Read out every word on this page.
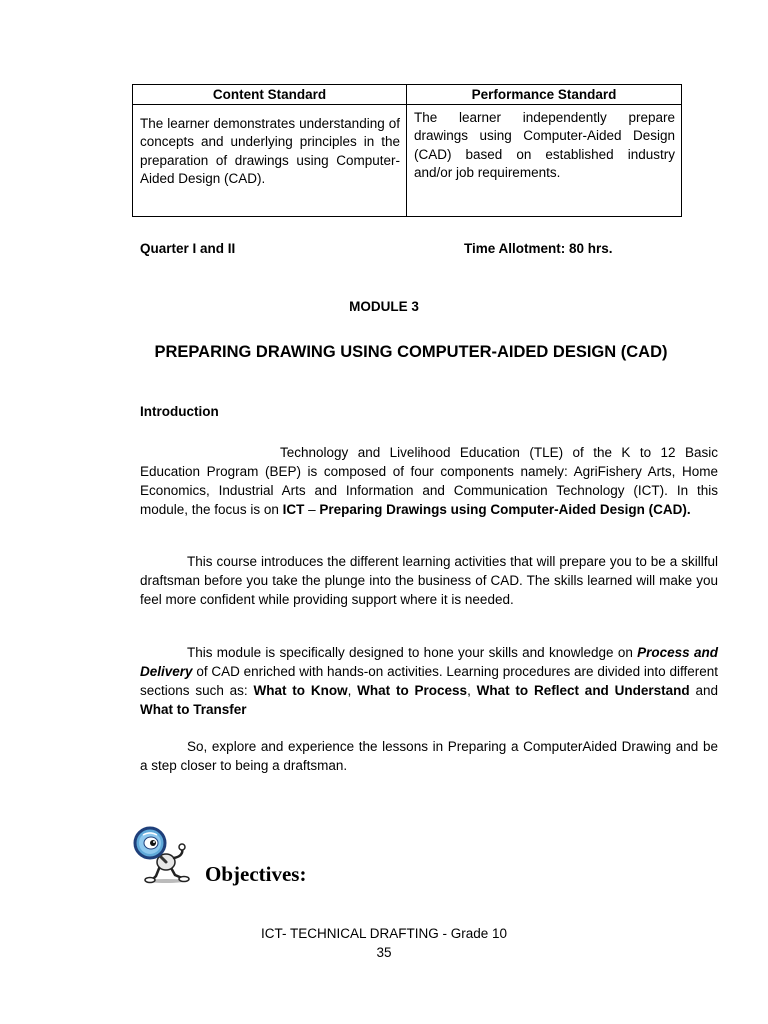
Content Standard	Performance Standard
The learner demonstrates understanding of concepts and underlying principles in the preparation of drawings using Computer-Aided Design (CAD).	The learner independently prepare drawings using Computer-Aided Design (CAD) based on established industry and/or job requirements.
Quarter I and II	Time Allotment: 80 hrs.
MODULE 3
PREPARING DRAWING USING COMPUTER-AIDED DESIGN (CAD)
Introduction

Technology and Livelihood Education (TLE) of the K to 12 Basic Education Program (BEP) is composed of four components namely: AgriFishery Arts, Home Economics, Industrial Arts and Information and Communication Technology (ICT). In this module, the focus is on ICT – Preparing Drawings using Computer-Aided Design (CAD).

This course introduces the different learning activities that will prepare you to be a skillful draftsman before you take the plunge into the business of CAD. The skills learned will make you feel more confident while providing support where it is needed.

This module is specifically designed to hone your skills and knowledge on Process and Delivery of CAD enriched with hands-on activities. Learning procedures are divided into different sections such as: What to Know, What to Process, What to Reflect and Understand and What to Transfer

So, explore and experience the lessons in Preparing a ComputerAided Drawing and be a step closer to being a draftsman.

Objectives:
ICT- TECHNICAL DRAFTING - Grade 10
35
